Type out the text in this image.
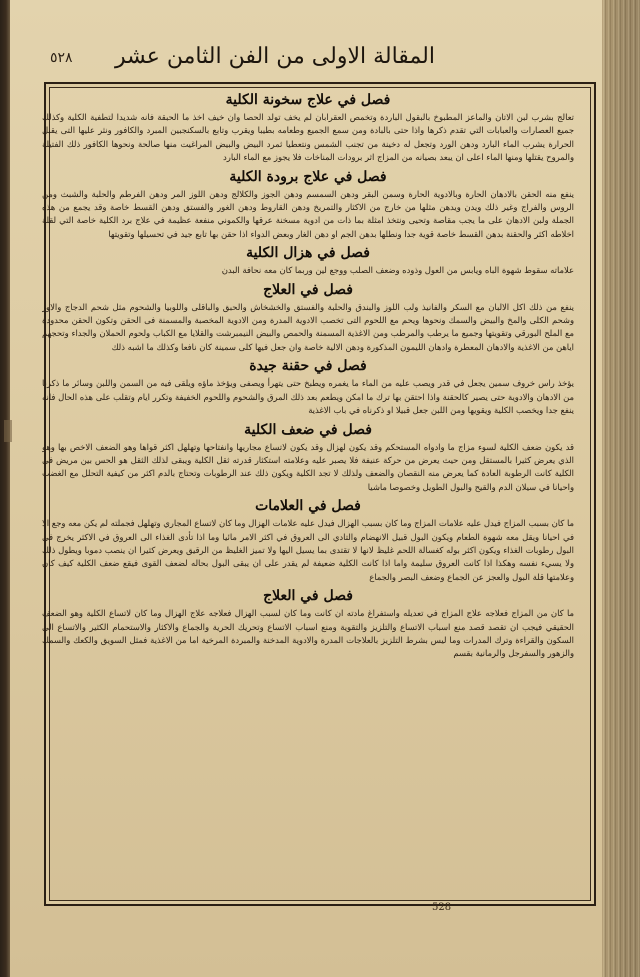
المقالة الاولى من الفن الثامن عشر
٥٢٨
فصل في علاج سخونة الكلية
تعالج بشرب لبن الاتان والماعز المطبوخ بالبقول الباردة وتخمص العقرابان لم يخف تولد الحصا وان خيف اخذ ما الحبقة فانه شديدا لتطفية الكلية وكذلك جميع العصارات والعبابات التي تقدم ذكرها واذا حتى بالبادة ومن سمع الجميع وطعامه بطيبا ويقرب وتابع بالسكنجبين المبرد والكافور ونثر عليها التى يقبل الحرارة يشرب الماء البارد ودهن الورد وتجعل له دخينة من تجنب الشمس ونتعطيا ثمرد البيض والبيض المراغيت منها صالحة ونحوها الكافور ذلك الفتيلة والمروح يقتلها ومنها الماء اعلى ان يبعد بصيانه من المزاج اثر برودات المناخات فلا يجوز مع الماء البارد
فصل في علاج برودة الكلية
ينفع منه الحقن بالادهان الحارة وبالادوية الحارة وسمن البقر ودهن السمسم ودهن الجوز والكلالج ودهن اللوز المر ودهن الفرطم والحلبة والشبث ومن الروس والفراج وغير ذلك ويدن ويدهن مثلها من خارج من الاكثار والتمريخ ودهن القاروط ودهن الغور والفستق ودهن القسط خاصة وقد يجمع من هذه الجملة ولبن الادهان على ما يجب مقاصة وتحيى ونتخذ امثلة بما ذات من ادوية مسخنة عرقها والكموني منفعة عظيمة في علاج برد الكلية خاصة التي لقلة اخلاطه اكثر والحقنة بدهن القسط خاصة قوية جدا ونطلها بدهن الجم او دهن الغار وبعض الدواء اذا حقن بها تابع جيد في تحسيلها وتقويتها
فصل في هزال الكلية
علاماته سقوط شهوة الباه ويابس من العول وذوده وضعف الصلب ووجع لين وربما كان معه نحافة البدن
فصل في العلاج
ينفع من ذلك اكل الالبان مع السكر والفانيذ ولب اللوز والبندق والحلبة والفستق والخشخاش والحبق والباقلى واللوبيا والشحوم مثل شحم الدجاج والاوز وشحم الكلى والمخ والبيض والسمك ونحوها ويحم مع اللحوم التى تخصب الادوية المدرة ومن الادوية المخصبة والمسمنة فى الحقن وتكون الحقن محدودة مع الملح البورقي وتقويتها وجميع ما يرطب والمرطب ومن الاغذية المسمنة والحمص والبيض النيمبرشت والقلايا مع الكباب ولحوم الحملان والجداء وتحجهم اياهن من الاغذية والادهان المعطرة وادهان الليمون المذكورة ودهن الالية خاصة وان جعل فيها كلى سمينة كان نافعا وكذلك ما اشبه ذلك
فصل في حقنة جيدة
يؤخذ راس خروف سمين يجعل في قدر ويصب عليه من الماء ما يغمره ويطبخ حتى يتهرأ ويصفى ويؤخذ ماؤه ويلقى فيه من السمن واللبن وسائر ما ذكرنا من الادهان والادوية حتى يصير كالحقنة واذا احتقن بها ترك ما امكن ويطعم بعد ذلك المرق والشحوم واللحوم الخفيفة وتكرر ايام وتقلب على هذه الحال فانه ينفع جدا ويخصب الكلية ويقويها ومن اللبن جعل قبيلا او ذكرناه في باب الاغذية
فصل في ضعف الكلية
قد يكون ضعف الكلية لسوء مزاج ما وادواه المستحكم وقد يكون لهزال وقد يكون لاتساع مجاريها وانفتاحها وتهلهل اكثر قواها وهو الضعف الاخص بها وهو الذي يعرض كثيرا بالمستقل ومن حيث يعرض من حركة عنيفة فلا يصبر عليه وعلامته استكثار قدرته ثقل الكلية ويبقى لذلك الثقل هو الحس بين مريض في الكلية كانت الرطوبة العادة كما يعرض منه النقصان والضعف ولذلك لا تجد الكلية ويكون ذلك عند الرطوبات وتحتاج بالدم اكثر من كيفية التحلل مع الغضب واحيانا في سيلان الدم والقيح والبول الطويل وخصوصا ماشيا
فصل في العلامات
ما كان بسبب المزاج فيدل عليه علامات المزاج وما كان بسبب الهزال فيدل عليه علامات الهزال وما كان لاتساع المجاري وتهلهل فجملته لم يكن معه وجع الا في احيانا ويقل معه شهوة الطعام ويكون البول قبيل الانهضام والتادي الى العروق في اكثر الامر مائيا وما اذا تأدى الغذاء الى العروق في الاكثر يخرج في البول رطوبات الغذاء ويكون اكثر بوله كغسالة اللحم غليظ لانها لا تقتدى بما يسيل اليها ولا تميز الغليظ من الرقيق ويعرض كثيرا ان ينصب دموبا ويطول ذلك ولا يسيء نفسه وهكذا اذا كانت العروق سليمة واما اذا كانت الكلية ضعيفة لم يقدر على ان يبقى البول بحاله لضعف القوى فيقع ضعف الكلية كيف كان وعلامتها قلة البول والعجز عن الجماع وضعف البصر والجماع
فصل في العلاج
ما كان من المزاج فعلاجه علاج المزاج في تعديله واستفراغ مادته ان كانت وما كان لسبب الهزال فعلاجه علاج الهزال وما كان لاتساع الكلية وهو الضعف الحقيقي فيجب ان تقصد قصد منع اسباب الاتساع والتلزيز والتقوية ومنع اسباب الاتساع وتحريك الحرية والجماع والاكثار والاستحمام الكثير والاتساع الى السكون والقراءة وترك المدرات وما ليس بشرط التلزيز بالعلاجات المدرة والادوية المدخنة والمبردة المرخية اما من الاغذية فمثل السويق والكعك والسمك والزهور والسفرجل والرمانية بقسم
528
